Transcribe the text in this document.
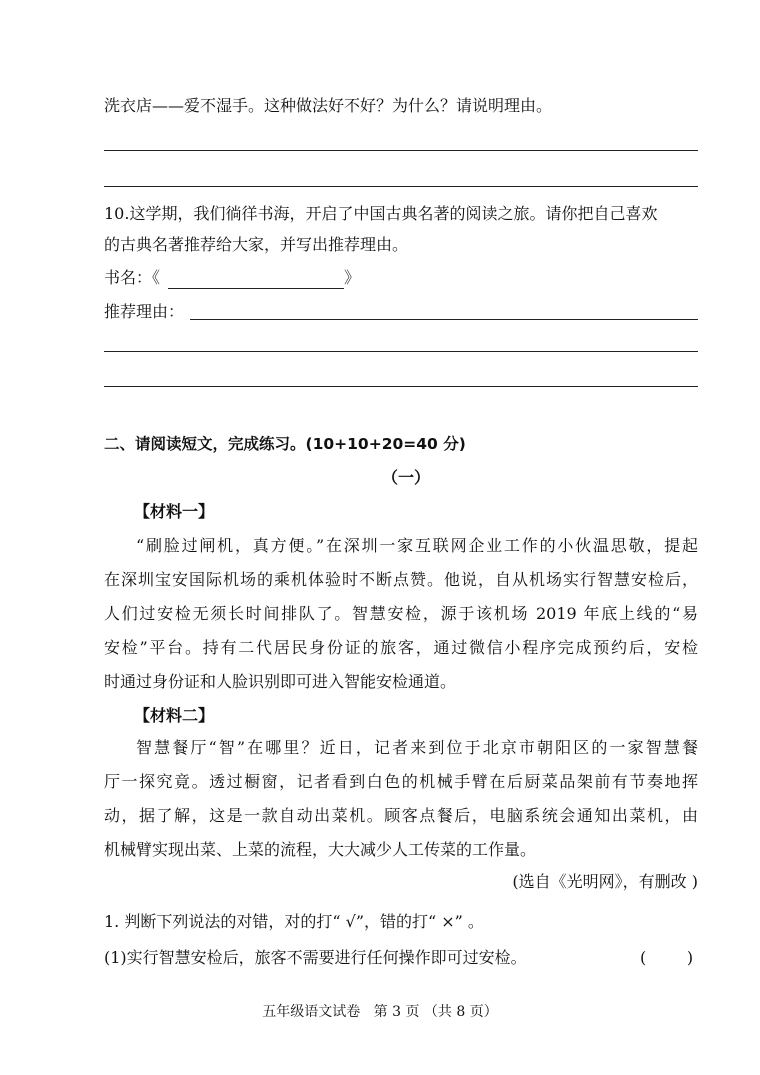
洗衣店——爱不湿手。这种做法好不好？为什么？请说明理由。
10.这学期，我们徜徉书海，开启了中国古典名著的阅读之旅。请你把自己喜欢
的古典名著推荐给大家，并写出推荐理由。
书名：《	》
推荐理由：
二、请阅读短文，完成练习。(10+10+20=40 分)
（一）
【材料一】
“刷脸过闸机，真方便。”在深圳一家互联网企业工作的小伙温思敬，提起
在深圳宝安国际机场的乘机体验时不断点赞。他说，自从机场实行智慧安检后，
人们过安检无须长时间排队了。智慧安检，源于该机场 2019 年底上线的“易
安检”平台。持有二代居民身份证的旅客，通过微信小程序完成预约后，安检
时通过身份证和人脸识别即可进入智能安检通道。
【材料二】
智慧餐厅“智”在哪里？近日，记者来到位于北京市朝阳区的一家智慧餐
厅一探究竟。透过橱窗，记者看到白色的机械手臂在后厨菜品架前有节奏地挥
动，据了解，这是一款自动出菜机。顾客点餐后，电脑系统会通知出菜机，由
机械臂实现出菜、上菜的流程，大大减少人工传菜的工作量。
(选自《光明网》，有删改 )
1. 判断下列说法的对错，对的打“ √”，错的打“ ×” 。
(1)实行智慧安检后，旅客不需要进行任何操作即可过安检。	(        )
五年级语文试卷   第 3 页 （共 8 页）
